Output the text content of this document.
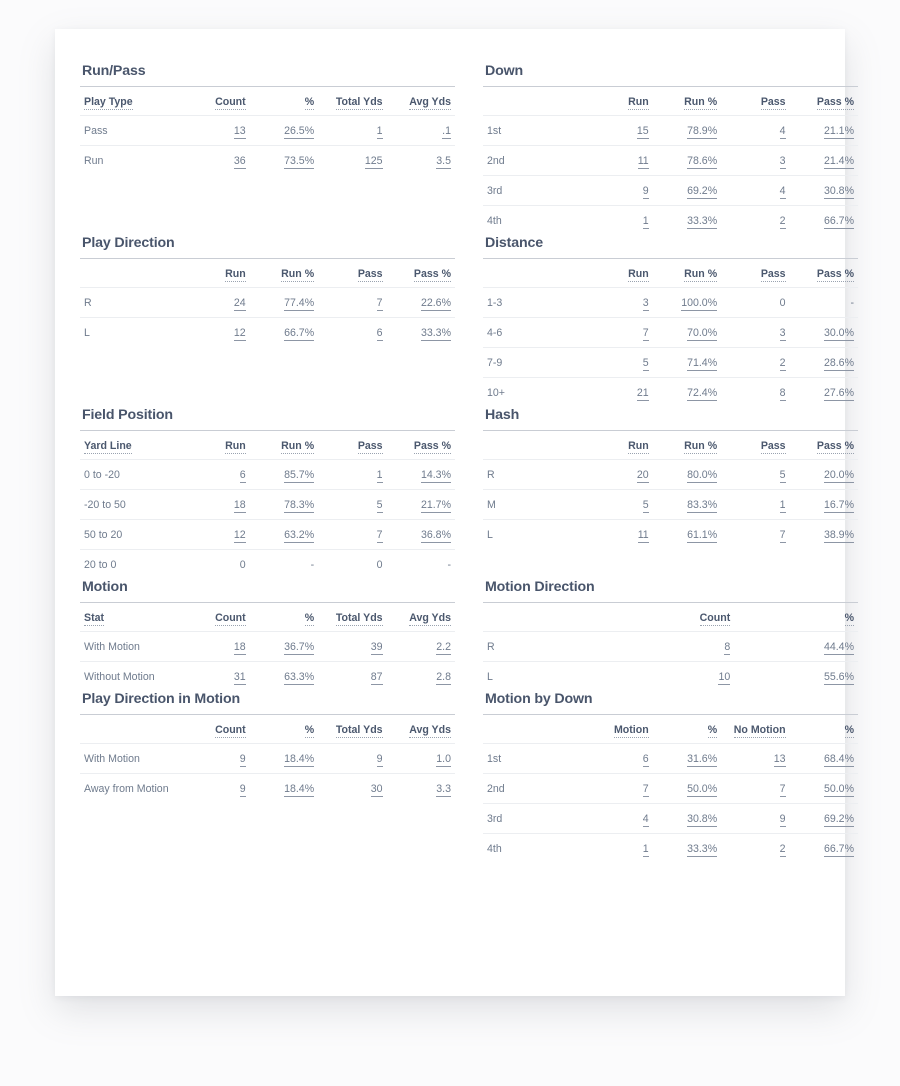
Run/Pass
Play Type	Count	%	Total Yds	Avg Yds
Pass	13	26.5%	1	.1
Run	36	73.5%	125	3.5

Down
	Run	Run %	Pass	Pass %
1st	15	78.9%	4	21.1%
2nd	11	78.6%	3	21.4%
3rd	9	69.2%	4	30.8%
4th	1	33.3%	2	66.7%
Play Direction
	Run	Run %	Pass	Pass %
R	24	77.4%	7	22.6%
L	12	66.7%	6	33.3%

Distance
	Run	Run %	Pass	Pass %
1-3	3	100.0%	0	-
4-6	7	70.0%	3	30.0%
7-9	5	71.4%	2	28.6%
10+	21	72.4%	8	27.6%
Field Position
Yard Line	Run	Run %	Pass	Pass %
0 to -20	6	85.7%	1	14.3%
-20 to 50	18	78.3%	5	21.7%
50 to 20	12	63.2%	7	36.8%
20 to 0	0	-	0	-
Hash
	Run	Run %	Pass	Pass %
R	20	80.0%	5	20.0%
M	5	83.3%	1	16.7%
L	11	61.1%	7	38.9%

Motion
Stat	Count	%	Total Yds	Avg Yds
With Motion	18	36.7%	39	2.2
Without Motion	31	63.3%	87	2.8
Motion Direction
	Count	%
R	8	44.4%
L	10	55.6%
Play Direction in Motion
	Count	%	Total Yds	Avg Yds
With Motion	9	18.4%	9	1.0
Away from Motion	9	18.4%	30	3.3

Motion by Down
	Motion	%	No Motion	%
1st	6	31.6%	13	68.4%
2nd	7	50.0%	7	50.0%
3rd	4	30.8%	9	69.2%
4th	1	33.3%	2	66.7%
